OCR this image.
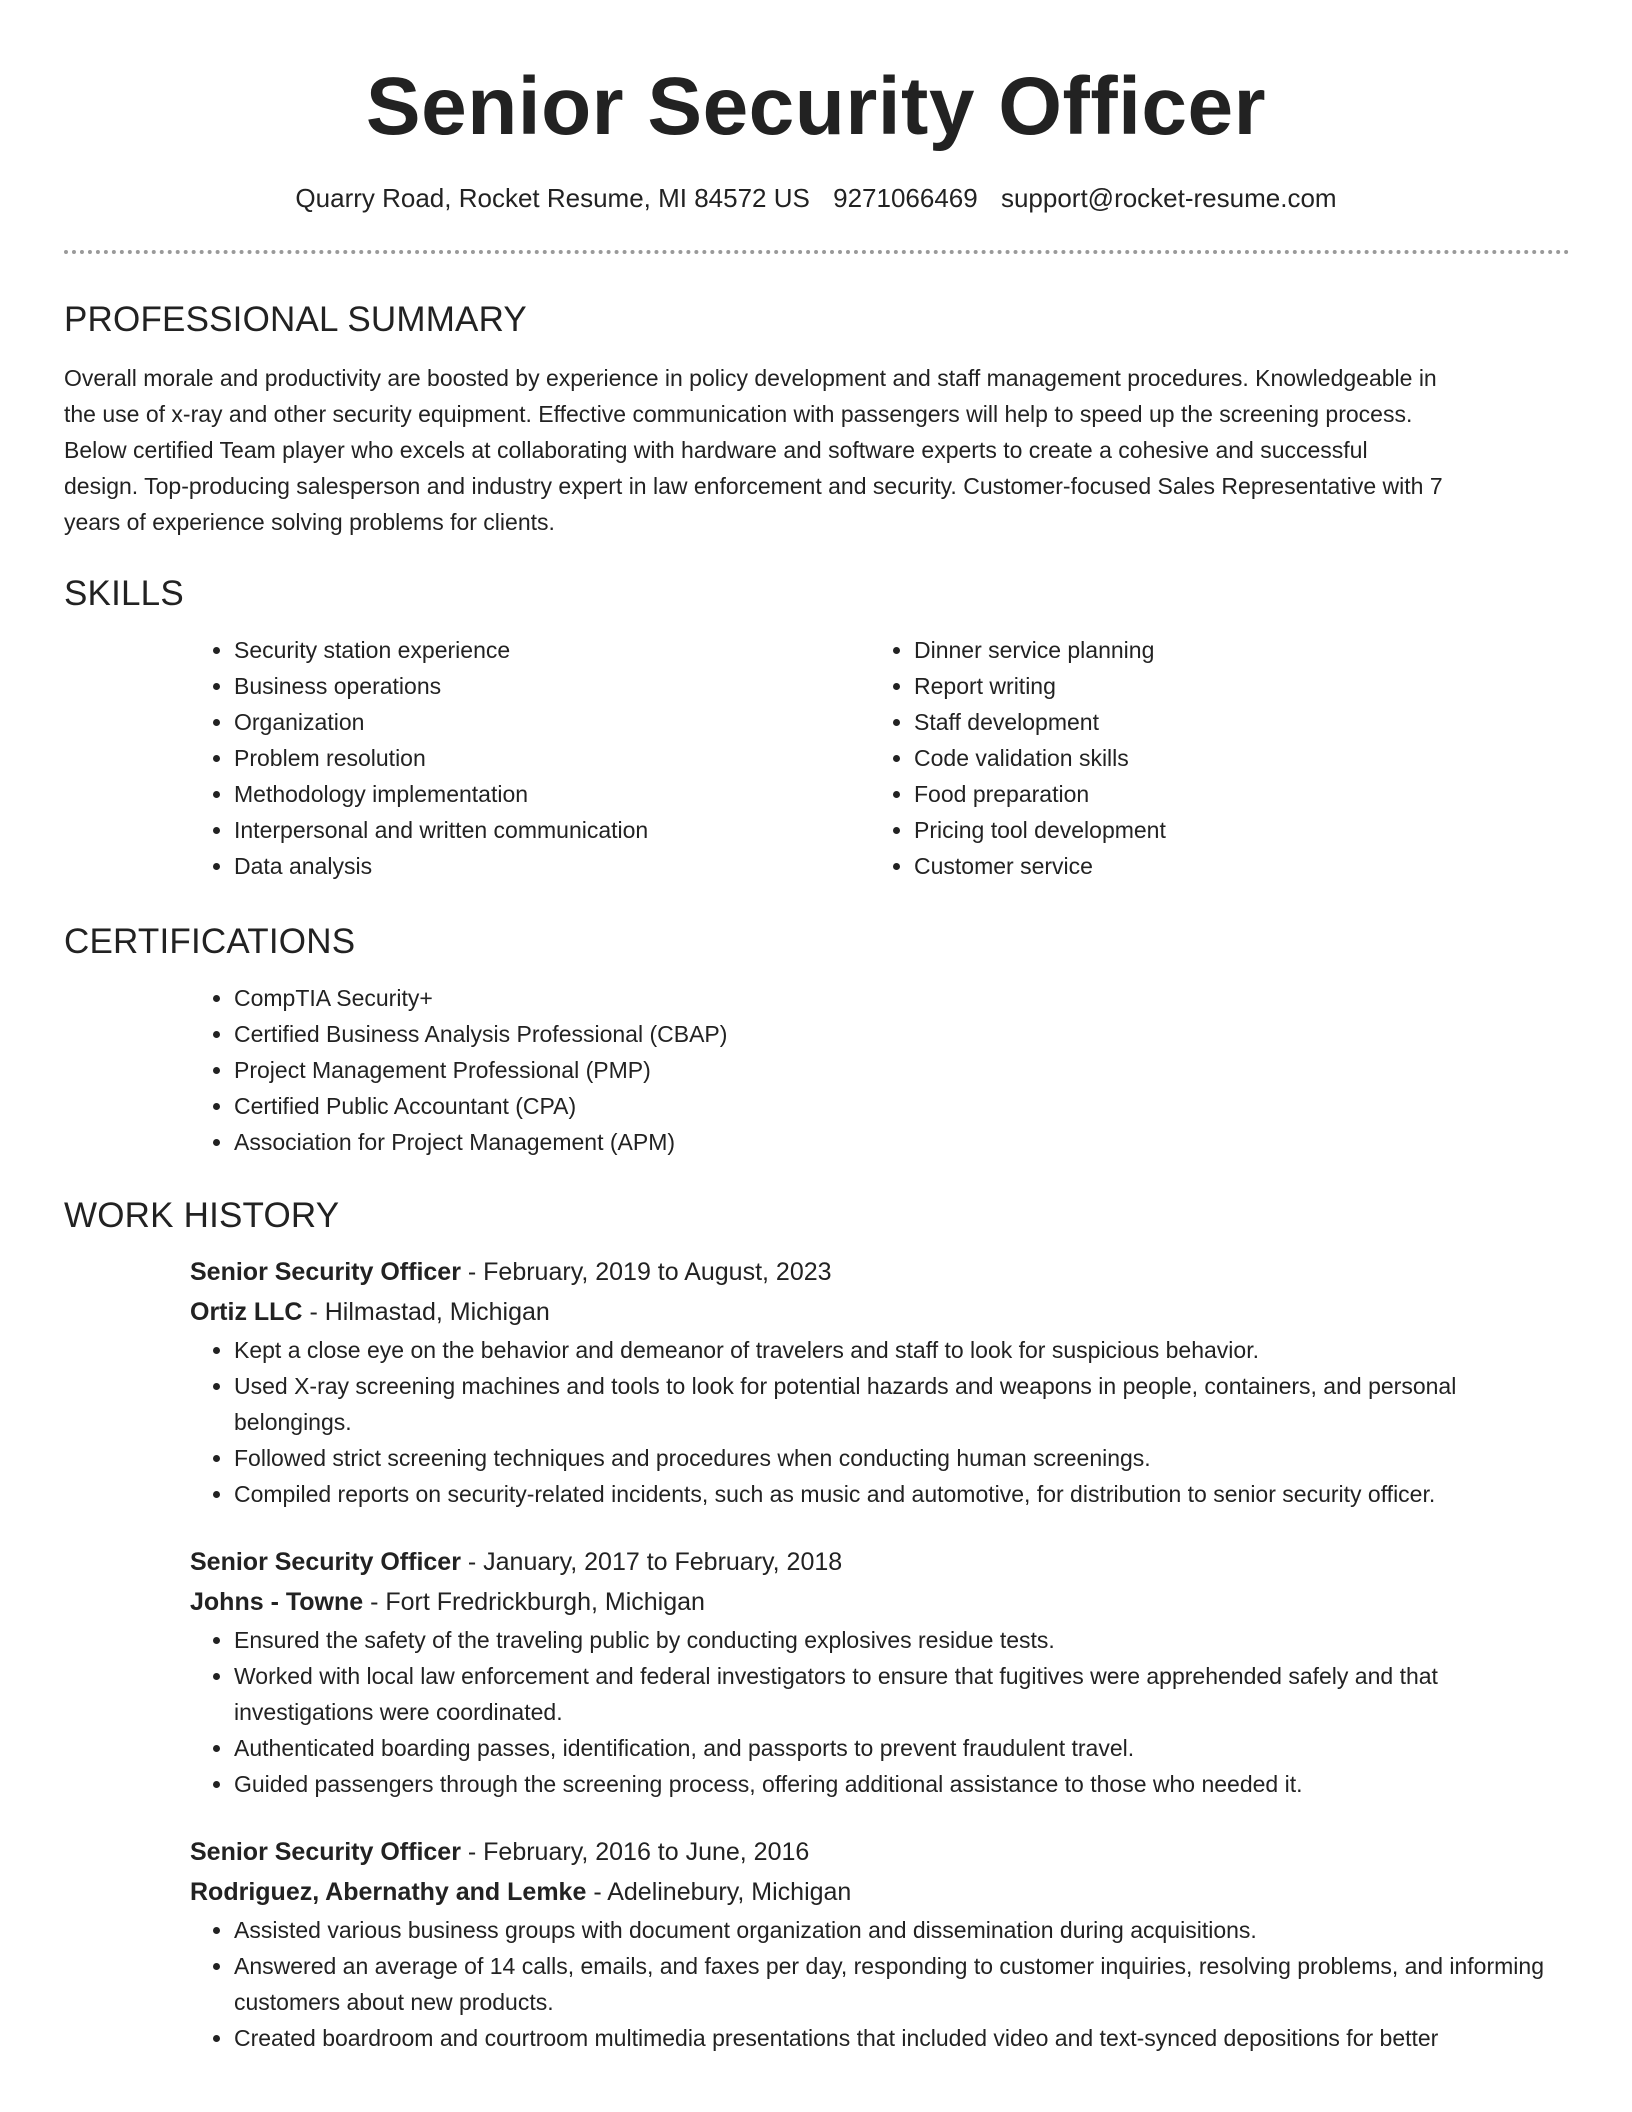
Senior Security Officer
Quarry Road, Rocket Resume, MI 84572 US 9271066469 support@rocket-resume.com
PROFESSIONAL SUMMARY

Overall morale and productivity are boosted by experience in policy development and staff management procedures. Knowledgeable in the use of x-ray and other security equipment. Effective communication with passengers will help to speed up the screening process. Below certified Team player who excels at collaborating with hardware and software experts to create a cohesive and successful design. Top-producing salesperson and industry expert in law enforcement and security. Customer-focused Sales Representative with 7 years of experience solving problems for clients.

SKILLS
• Security station experience
• Business operations
• Organization
• Problem resolution
• Methodology implementation
• Interpersonal and written communication
• Data analysis
• Dinner service planning
• Report writing
• Staff development
• Code validation skills
• Food preparation
• Pricing tool development
• Customer service
CERTIFICATIONS
• CompTIA Security+
• Certified Business Analysis Professional (CBAP)
• Project Management Professional (PMP)
• Certified Public Accountant (CPA)
• Association for Project Management (APM)
WORK HISTORY

Senior Security Officer - February, 2019 to August, 2023

Ortiz LLC - Hilmastad, Michigan

• Kept a close eye on the behavior and demeanor of travelers and staff to look for suspicious behavior.
• Used X-ray screening machines and tools to look for potential hazards and weapons in people, containers, and personal belongings.
• Followed strict screening techniques and procedures when conducting human screenings.
• Compiled reports on security-related incidents, such as music and automotive, for distribution to senior security officer.

Senior Security Officer - January, 2017 to February, 2018

Johns - Towne - Fort Fredrickburgh, Michigan

• Ensured the safety of the traveling public by conducting explosives residue tests.
• Worked with local law enforcement and federal investigators to ensure that fugitives were apprehended safely and that investigations were coordinated.
• Authenticated boarding passes, identification, and passports to prevent fraudulent travel.
• Guided passengers through the screening process, offering additional assistance to those who needed it.

Senior Security Officer - February, 2016 to June, 2016

Rodriguez, Abernathy and Lemke - Adelinebury, Michigan

• Assisted various business groups with document organization and dissemination during acquisitions.
• Answered an average of 14 calls, emails, and faxes per day, responding to customer inquiries, resolving problems, and informing customers about new products.
• Created boardroom and courtroom multimedia presentations that included video and text-synced depositions for better
